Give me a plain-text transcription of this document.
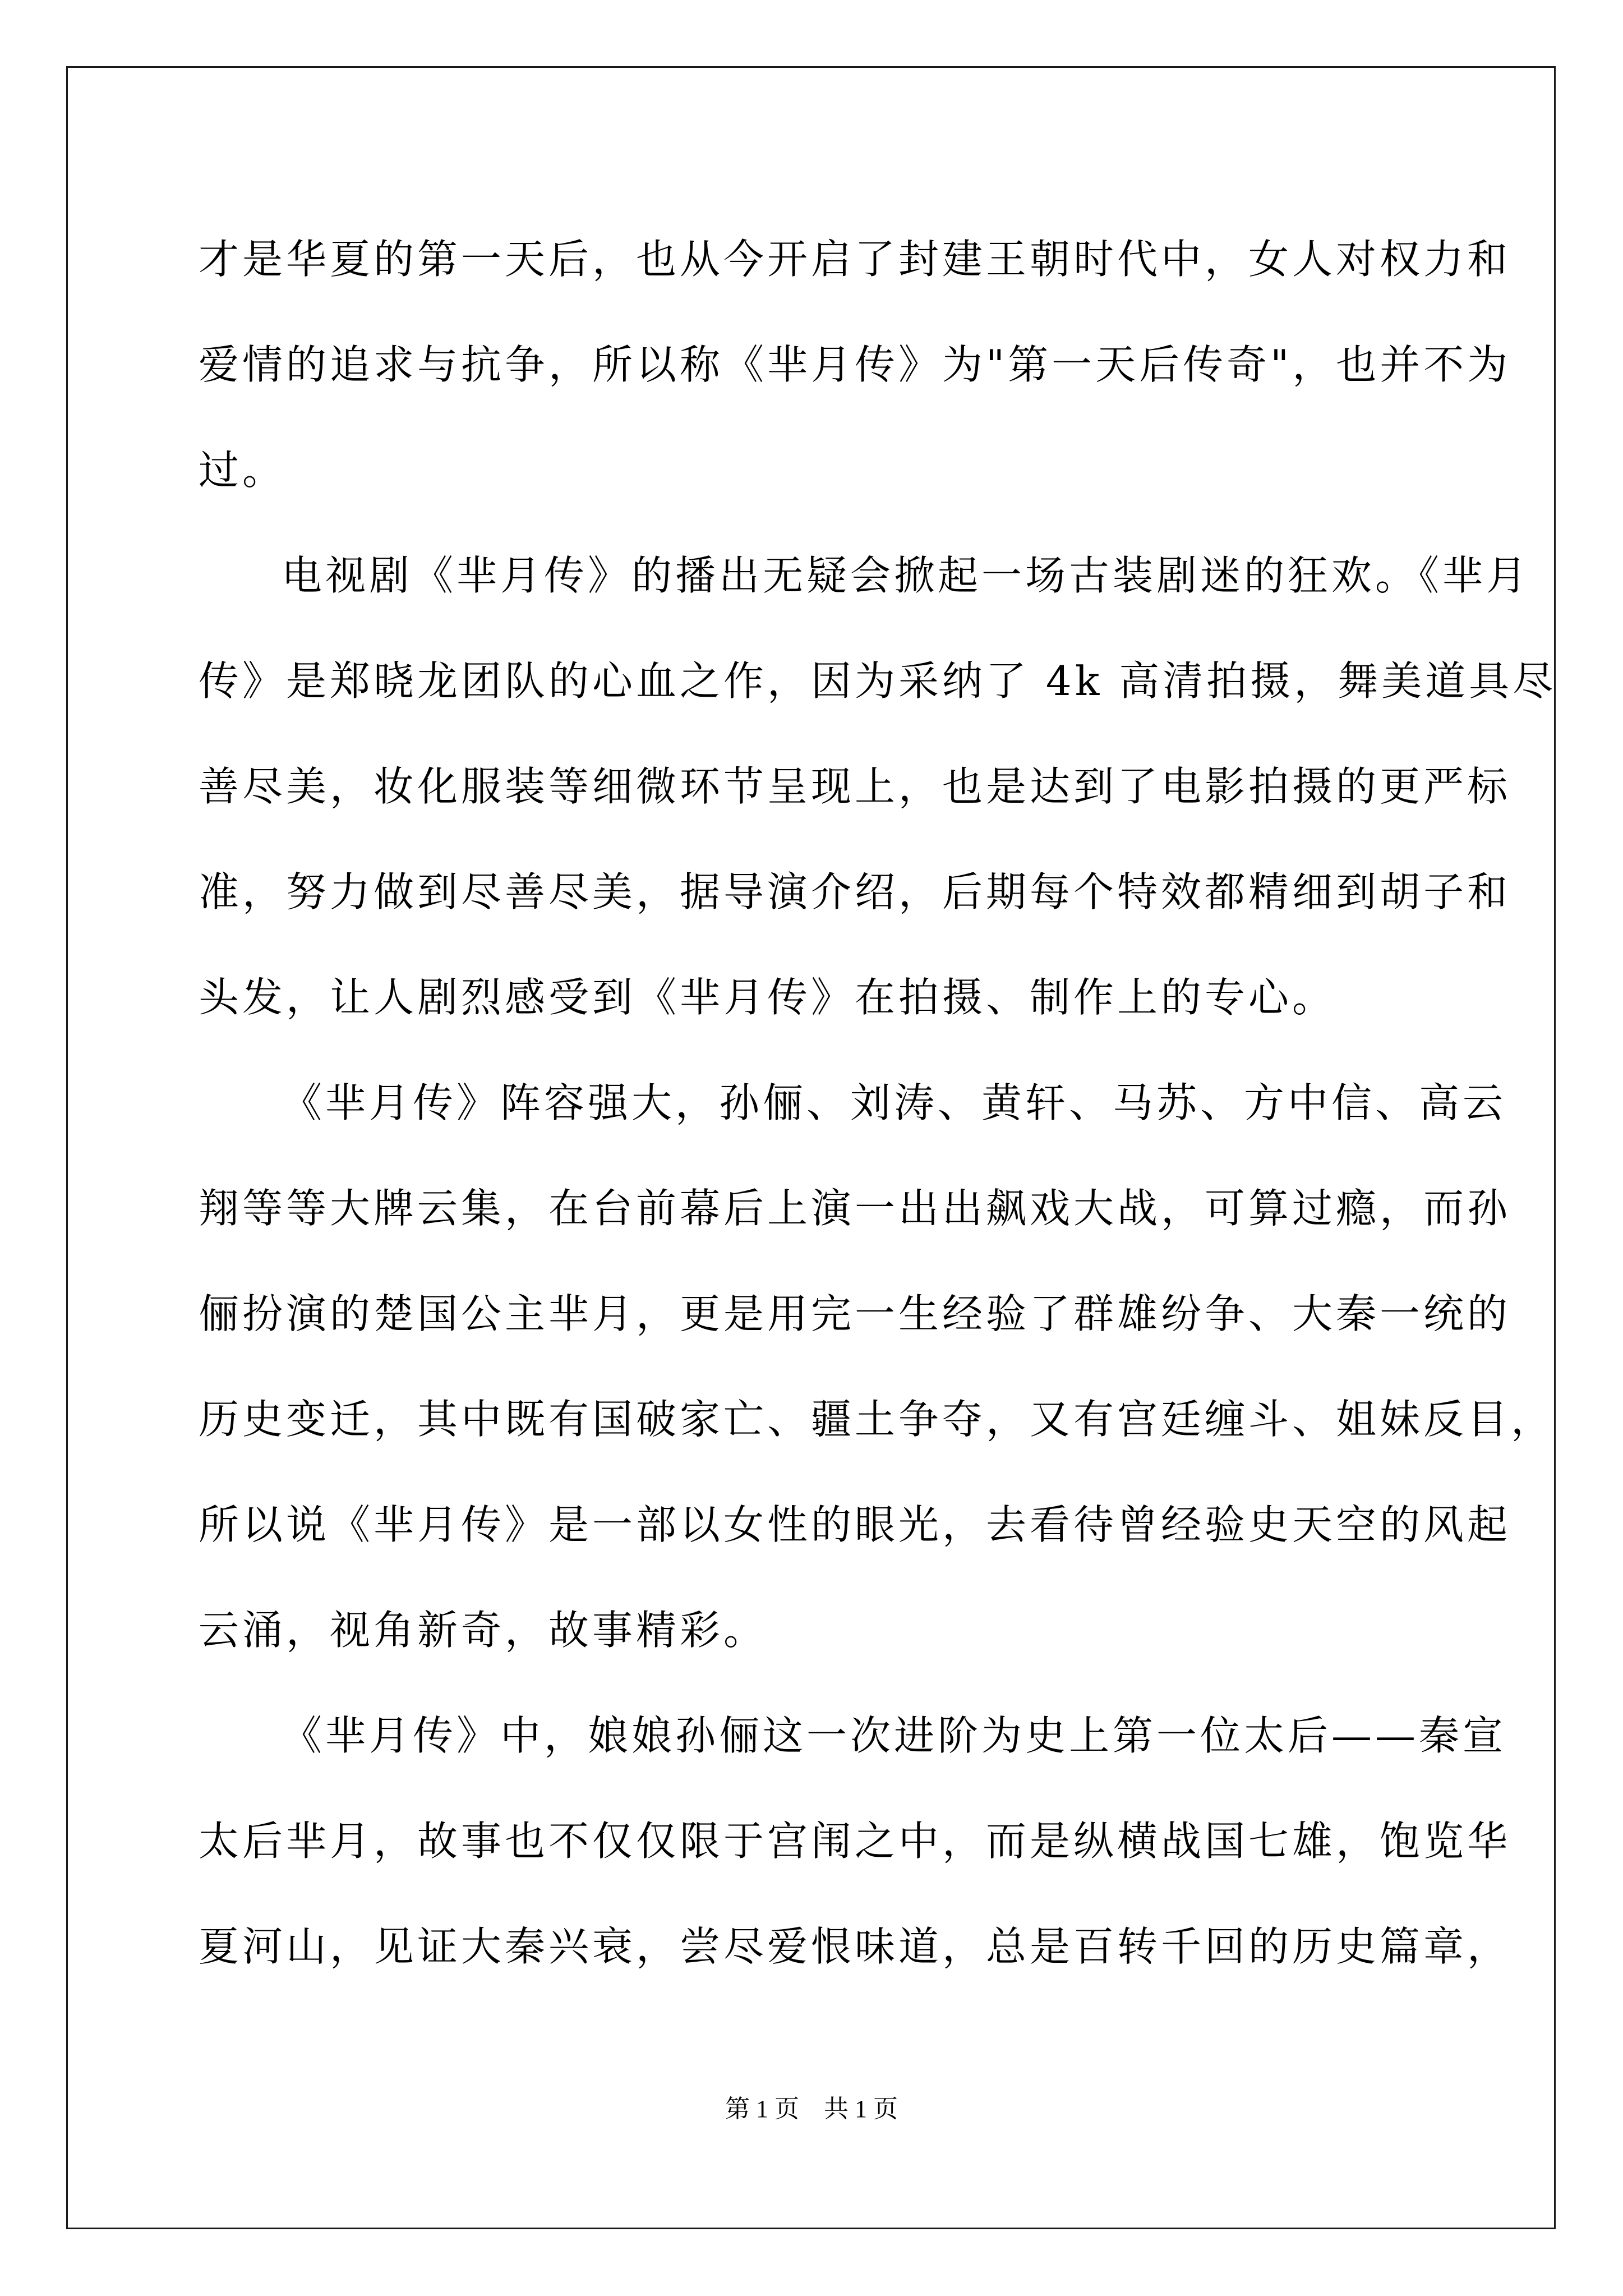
才是华夏的第一天后，也从今开启了封建王朝时代中，女人对权力和
爱情的追求与抗争，所以称《芈月传》为"第一天后传奇"，也并不为
过。
电视剧《芈月传》的播出无疑会掀起一场古装剧迷的狂欢。《芈月
传》是郑晓龙团队的心血之作，因为采纳了 4k 高清拍摄，舞美道具尽
善尽美，妆化服装等细微环节呈现上，也是达到了电影拍摄的更严标
准，努力做到尽善尽美，据导演介绍，后期每个特效都精细到胡子和
头发，让人剧烈感受到《芈月传》在拍摄、制作上的专心。
《芈月传》阵容强大，孙俪、刘涛、黄轩、马苏、方中信、高云
翔等等大牌云集，在台前幕后上演一出出飙戏大战，可算过瘾，而孙
俪扮演的楚国公主芈月，更是用完一生经验了群雄纷争、大秦一统的
历史变迁，其中既有国破家亡、疆土争夺，又有宫廷缠斗、姐妹反目，
所以说《芈月传》是一部以女性的眼光，去看待曾经验史天空的风起
云涌，视角新奇，故事精彩。
《芈月传》中，娘娘孙俪这一次进阶为史上第一位太后——秦宣
太后芈月，故事也不仅仅限于宫闱之中，而是纵横战国七雄，饱览华
夏河山，见证大秦兴衰，尝尽爱恨味道，总是百转千回的历史篇章，
第 1 页　共 1 页
